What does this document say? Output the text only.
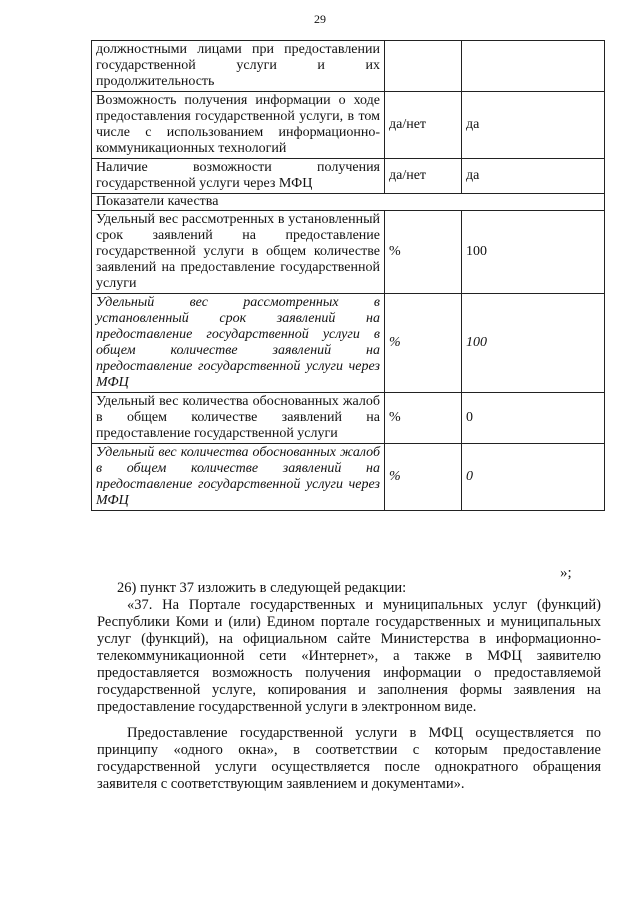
29
должностными лицами при предоставлении государственной услуги и их продолжительность		
Возможность получения информации о ходе предоставления государственной услуги, в том числе с использованием информационно-коммуникационных технологий	да/нет	да
Наличие возможности получения государственной услуги через МФЦ	да/нет	да
Показатели качества		
Удельный вес рассмотренных в установленный срок заявлений на предоставление государственной услуги в общем количестве заявлений на предоставление государственной услуги	%	100
Удельный вес рассмотренных в установленный срок заявлений на предоставление государственной услуги в общем количестве заявлений на предоставление государственной услуги через МФЦ	%	100
Удельный вес количества обоснованных жалоб в общем количестве заявлений на предоставление государственной услуги	%	0
Удельный вес количества обоснованных жалоб в общем количестве заявлений на предоставление государственной услуги через МФЦ	%	0
»;

26) пункт 37 изложить в следующей редакции:

«37. На Портале государственных и муниципальных услуг (функций) Республики Коми и (или) Едином портале государственных и муниципальных услуг (функций), на официальном сайте Министерства в информационно-телекоммуникационной сети «Интернет», а также в МФЦ заявителю предоставляется возможность получения информации о предоставляемой государственной услуге, копирования и заполнения формы заявления на предоставление государственной услуги в электронном виде.

Предоставление государственной услуги в МФЦ осуществляется по принципу «одного окна», в соответствии с которым предоставление государственной услуги осуществляется после однократного обращения заявителя с соответствующим заявлением и документами».
